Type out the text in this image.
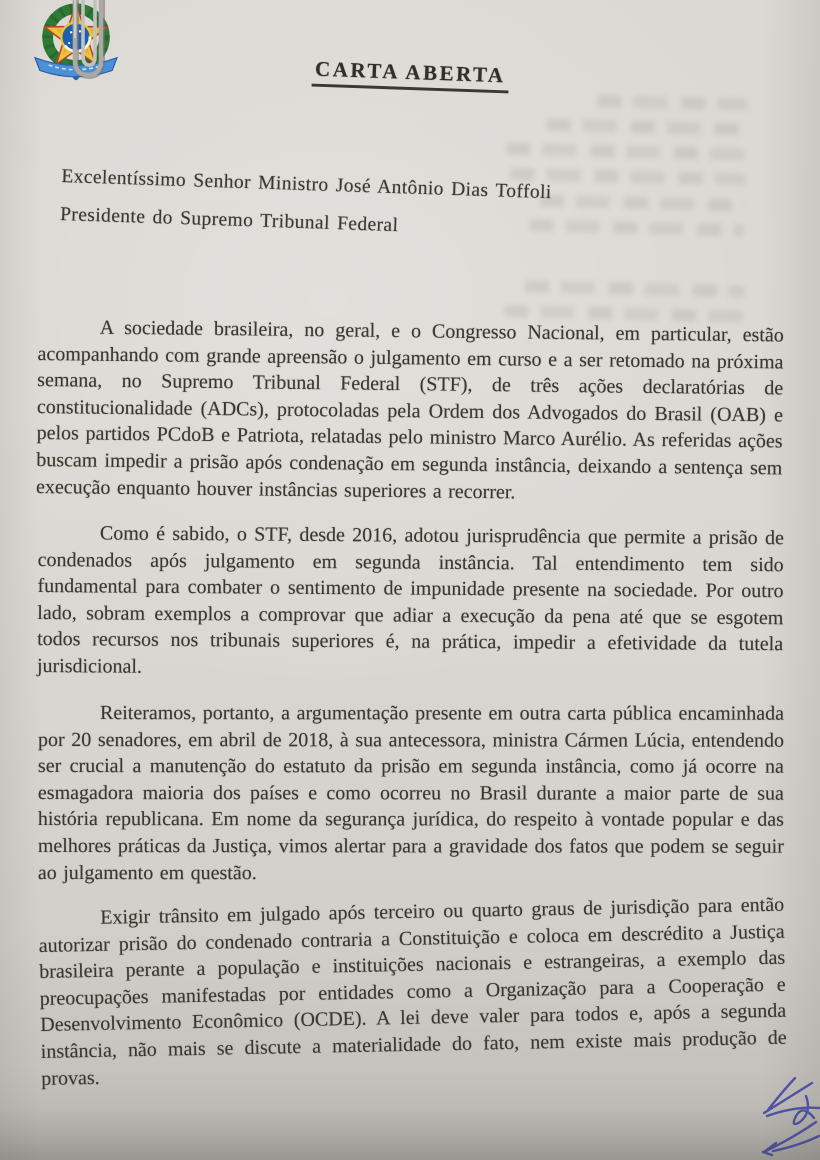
CARTA ABERTA
Excelentíssimo Senhor Ministro José Antônio Dias Toffoli
Presidente do Supremo Tribunal Federal

A sociedade brasileira, no geral, e o Congresso Nacional, em particular, estão acompanhando com grande apreensão o julgamento em curso e a ser retomado na próxima semana, no Supremo Tribunal Federal (STF), de três ações declaratórias de constitucionalidade (ADCs), protocoladas pela Ordem dos Advogados do Brasil (OAB) e pelos partidos PCdoB e Patriota, relatadas pelo ministro Marco Aurélio. As referidas ações buscam impedir a prisão após condenação em segunda instância, deixando a sentença sem execução enquanto houver instâncias superiores a recorrer.

Como é sabido, o STF, desde 2016, adotou jurisprudência que permite a prisão de condenados após julgamento em segunda instância. Tal entendimento tem sido fundamental para combater o sentimento de impunidade presente na sociedade. Por outro lado, sobram exemplos a comprovar que adiar a execução da pena até que se esgotem todos recursos nos tribunais superiores é, na prática, impedir a efetividade da tutela jurisdicional.

Reiteramos, portanto, a argumentação presente em outra carta pública encaminhada por 20 senadores, em abril de 2018, à sua antecessora, ministra Cármen Lúcia, entendendo ser crucial a manutenção do estatuto da prisão em segunda instância, como já ocorre na esmagadora maioria dos países e como ocorreu no Brasil durante a maior parte de sua história republicana. Em nome da segurança jurídica, do respeito à vontade popular e das melhores práticas da Justiça, vimos alertar para a gravidade dos fatos que podem se seguir ao julgamento em questão.

Exigir trânsito em julgado após terceiro ou quarto graus de jurisdição para então autorizar prisão do condenado contraria a Constituição e coloca em descrédito a Justiça brasileira perante a população e instituições nacionais e estrangeiras, a exemplo das preocupações manifestadas por entidades como a Organização para a Cooperação e Desenvolvimento Econômico (OCDE). A lei deve valer para todos e, após a segunda instância, não mais se discute a materialidade do fato, nem existe mais produção de provas.
